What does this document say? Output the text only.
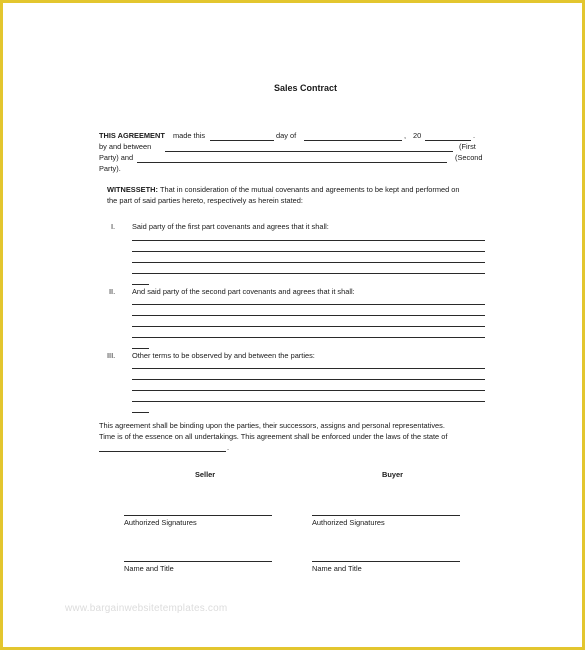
Sales Contract
THIS AGREEMENT made this	day of	, 20	.
by and between	(First
Party) and	(Second
Party).
WITNESSETH: That in consideration of the mutual covenants and agreements to be kept and performed on
the part of said parties hereto, respectively as herein stated:
I. Said party of the first part covenants and agrees that it shall:
II. And said party of the second part covenants and agrees that it shall:
III. Other terms to be observed by and between the parties:
This agreement shall be binding upon the parties, their successors, assigns and personal representatives.
Time is of the essence on all undertakings. This agreement shall be enforced under the laws of the state of
.
Seller	Buyer
Authorized Signatures	Authorized Signatures
Name and Title	Name and Title
www.bargainwebsitetemplates.com
